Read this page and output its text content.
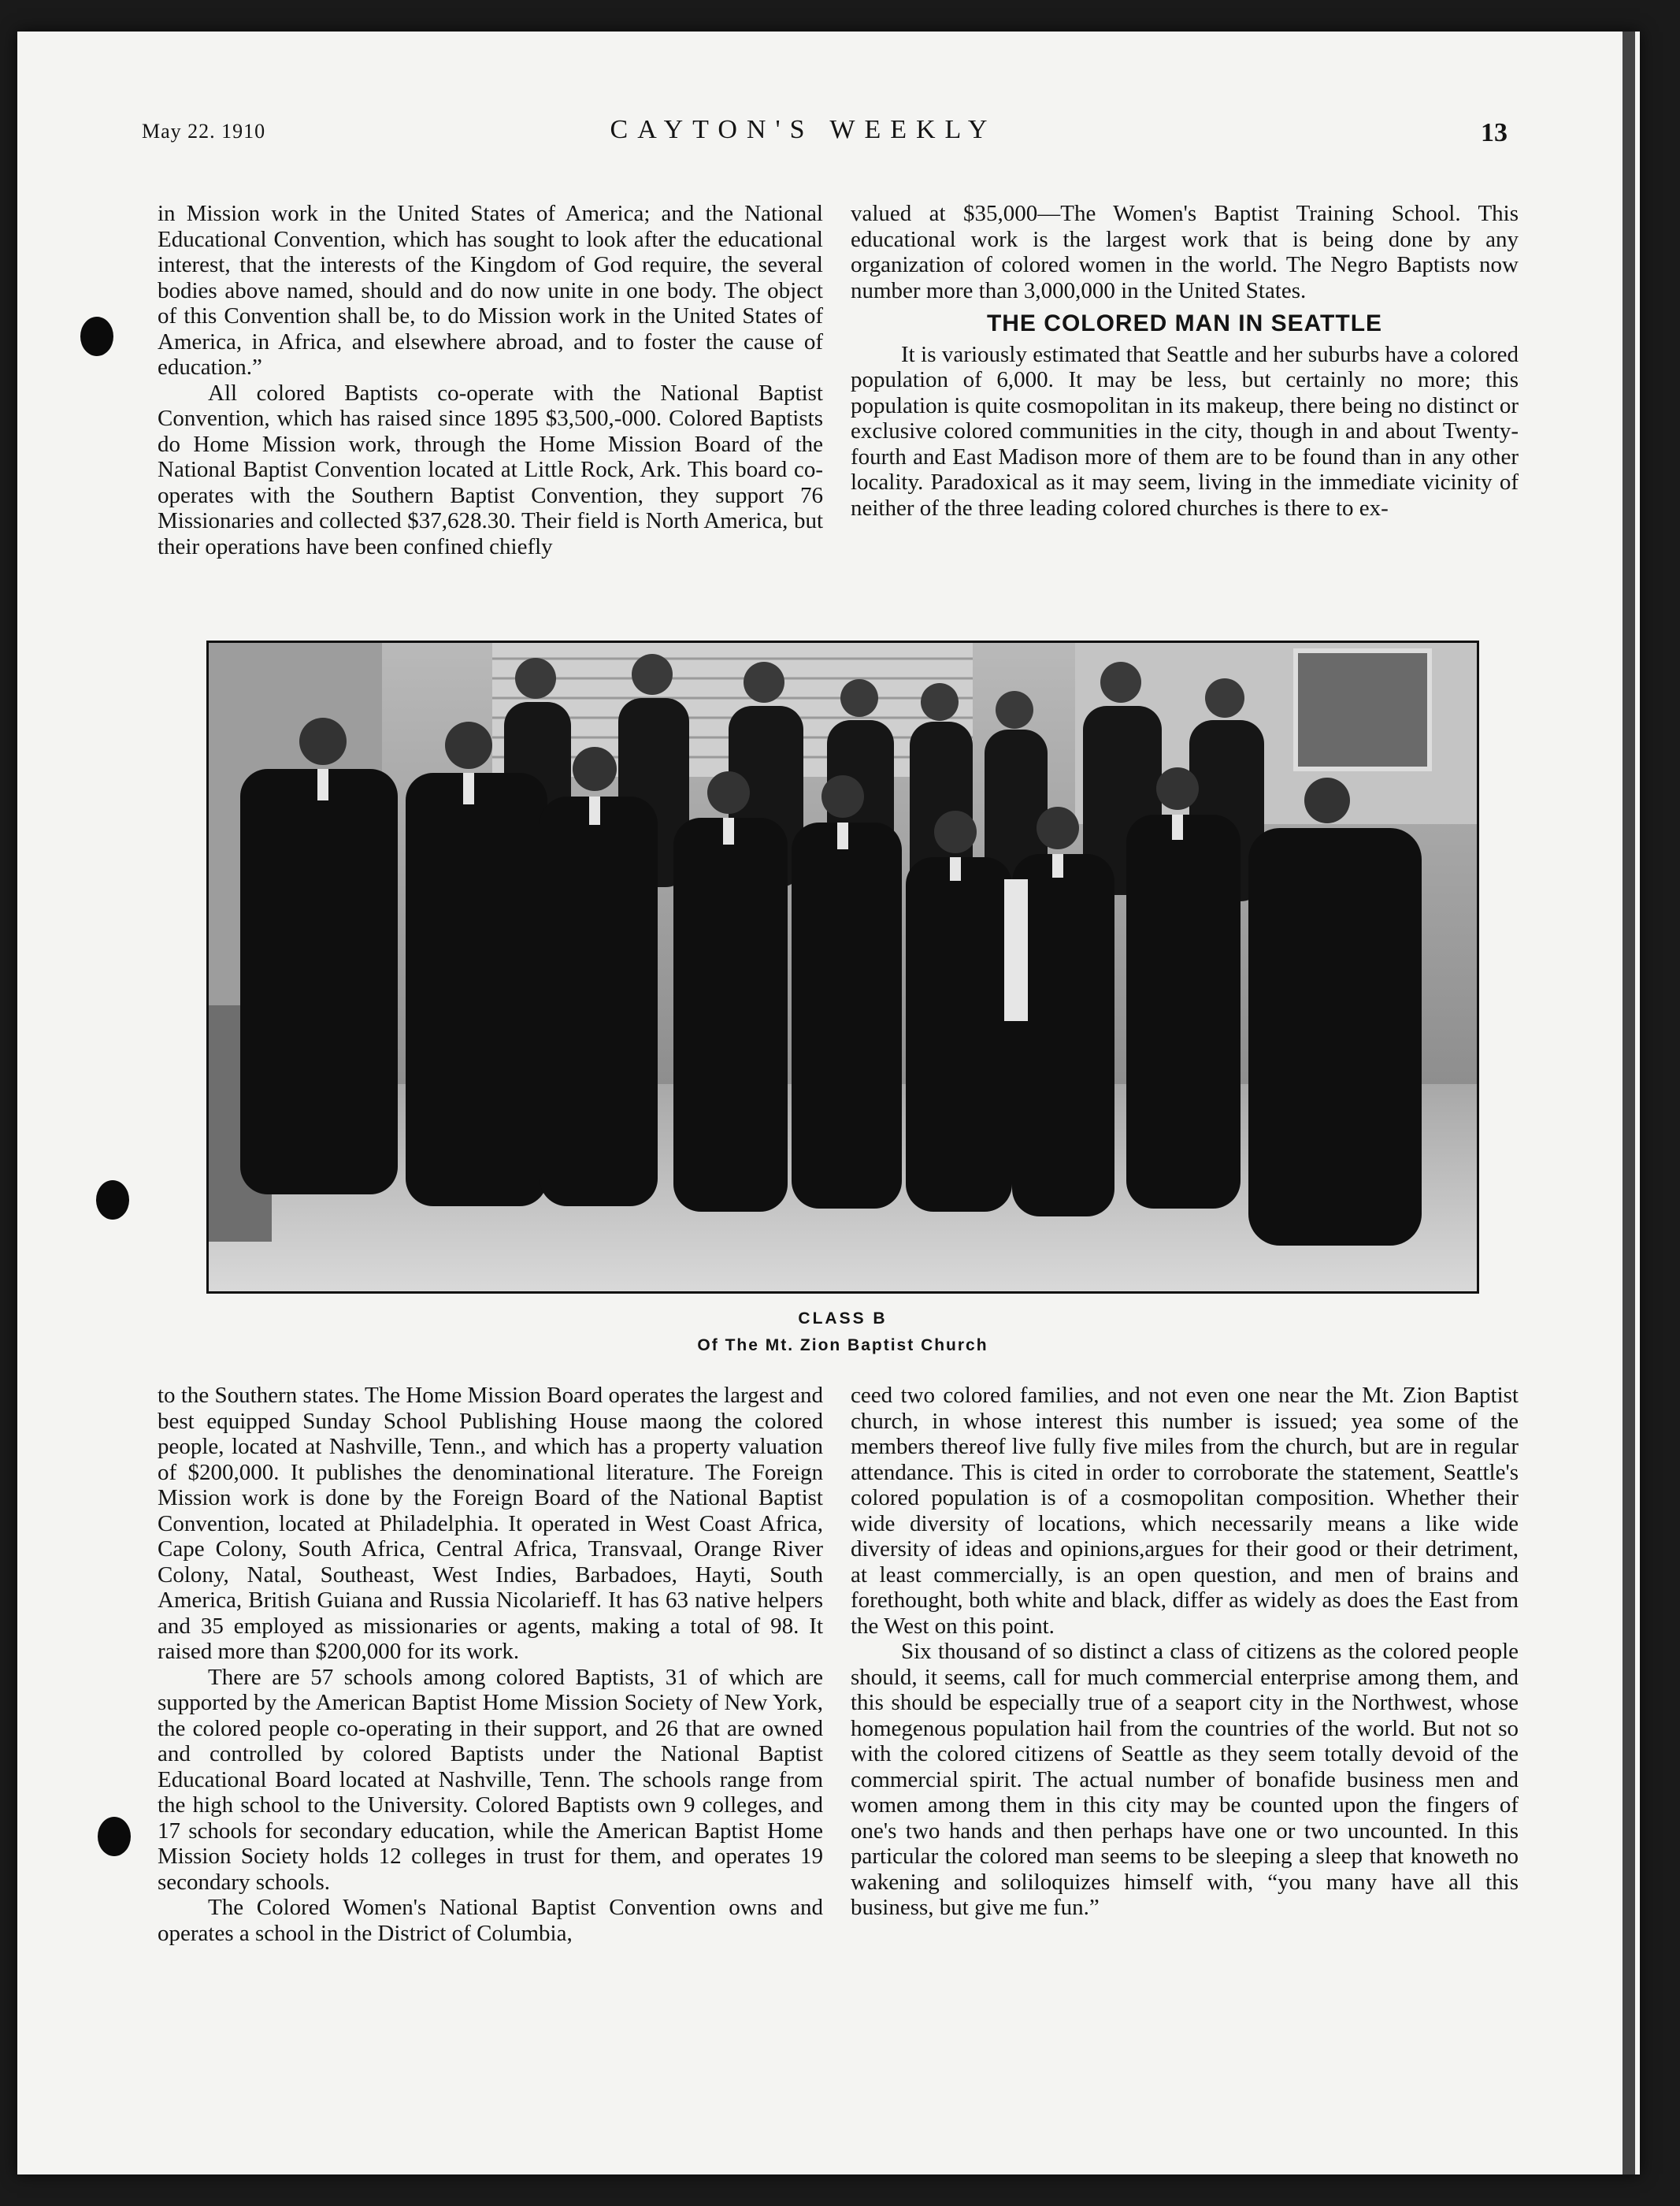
May 22. 1910	CAYTON'S WEEKLY	13

in Mission work in the United States of America; and the National Educational Convention, which has sought to look after the educational interest, that the interests of the Kingdom of God require, the several bodies above named, should and do now unite in one body. The object of this Convention shall be, to do Mission work in the United States of America, in Africa, and elsewhere abroad, and to foster the cause of education.”

All colored Baptists co-operate with the National Baptist Convention, which has raised since 1895 $3,500,-000. Colored Baptists do Home Mission work, through the Home Mission Board of the National Baptist Convention located at Little Rock, Ark. This board co-operates with the Southern Baptist Convention, they support 76 Missionaries and collected $37,628.30. Their field is North America, but their operations have been confined chiefly

valued at $35,000—The Women's Baptist Training School. This educational work is the largest work that is being done by any organization of colored women in the world. The Negro Baptists now number more than 3,000,000 in the United States.

THE COLORED MAN IN SEATTLE

It is variously estimated that Seattle and her suburbs have a colored population of 6,000. It may be less, but certainly no more; this population is quite cosmopolitan in its makeup, there being no distinct or exclusive colored communities in the city, though in and about Twenty-fourth and East Madison more of them are to be found than in any other locality. Paradoxical as it may seem, living in the immediate vicinity of neither of the three leading colored churches is there to ex-

CLASS B
Of The Mt. Zion Baptist Church

to the Southern states. The Home Mission Board operates the largest and best equipped Sunday School Publishing House maong the colored people, located at Nashville, Tenn., and which has a property valuation of $200,000. It publishes the denominational literature. The Foreign Mission work is done by the Foreign Board of the National Baptist Convention, located at Philadelphia. It operated in West Coast Africa, Cape Colony, South Africa, Central Africa, Transvaal, Orange River Colony, Natal, Southeast, West Indies, Barbadoes, Hayti, South America, British Guiana and Russia Nicolarieff. It has 63 native helpers and 35 employed as missionaries or agents, making a total of 98. It raised more than $200,000 for its work.

There are 57 schools among colored Baptists, 31 of which are supported by the American Baptist Home Mission Society of New York, the colored people co-operating in their support, and 26 that are owned and controlled by colored Baptists under the National Baptist Educational Board located at Nashville, Tenn. The schools range from the high school to the University. Colored Baptists own 9 colleges, and 17 schools for secondary education, while the American Baptist Home Mission Society holds 12 colleges in trust for them, and operates 19 secondary schools.

The Colored Women's National Baptist Convention owns and operates a school in the District of Columbia,

ceed two colored families, and not even one near the Mt. Zion Baptist church, in whose interest this number is issued; yea some of the members thereof live fully five miles from the church, but are in regular attendance. This is cited in order to corroborate the statement, Seattle's colored population is of a cosmopolitan composition. Whether their wide diversity of locations, which necessarily means a like wide diversity of ideas and opinions,argues for their good or their detriment, at least commercially, is an open question, and men of brains and forethought, both white and black, differ as widely as does the East from the West on this point.

Six thousand of so distinct a class of citizens as the colored people should, it seems, call for much commercial enterprise among them, and this should be especially true of a seaport city in the Northwest, whose homegenous population hail from the countries of the world. But not so with the colored citizens of Seattle as they seem totally devoid of the commercial spirit. The actual number of bonafide business men and women among them in this city may be counted upon the fingers of one's two hands and then perhaps have one or two uncounted. In this particular the colored man seems to be sleeping a sleep that knoweth no wakening and soliloquizes himself with, “you many have all this business, but give me fun.”
